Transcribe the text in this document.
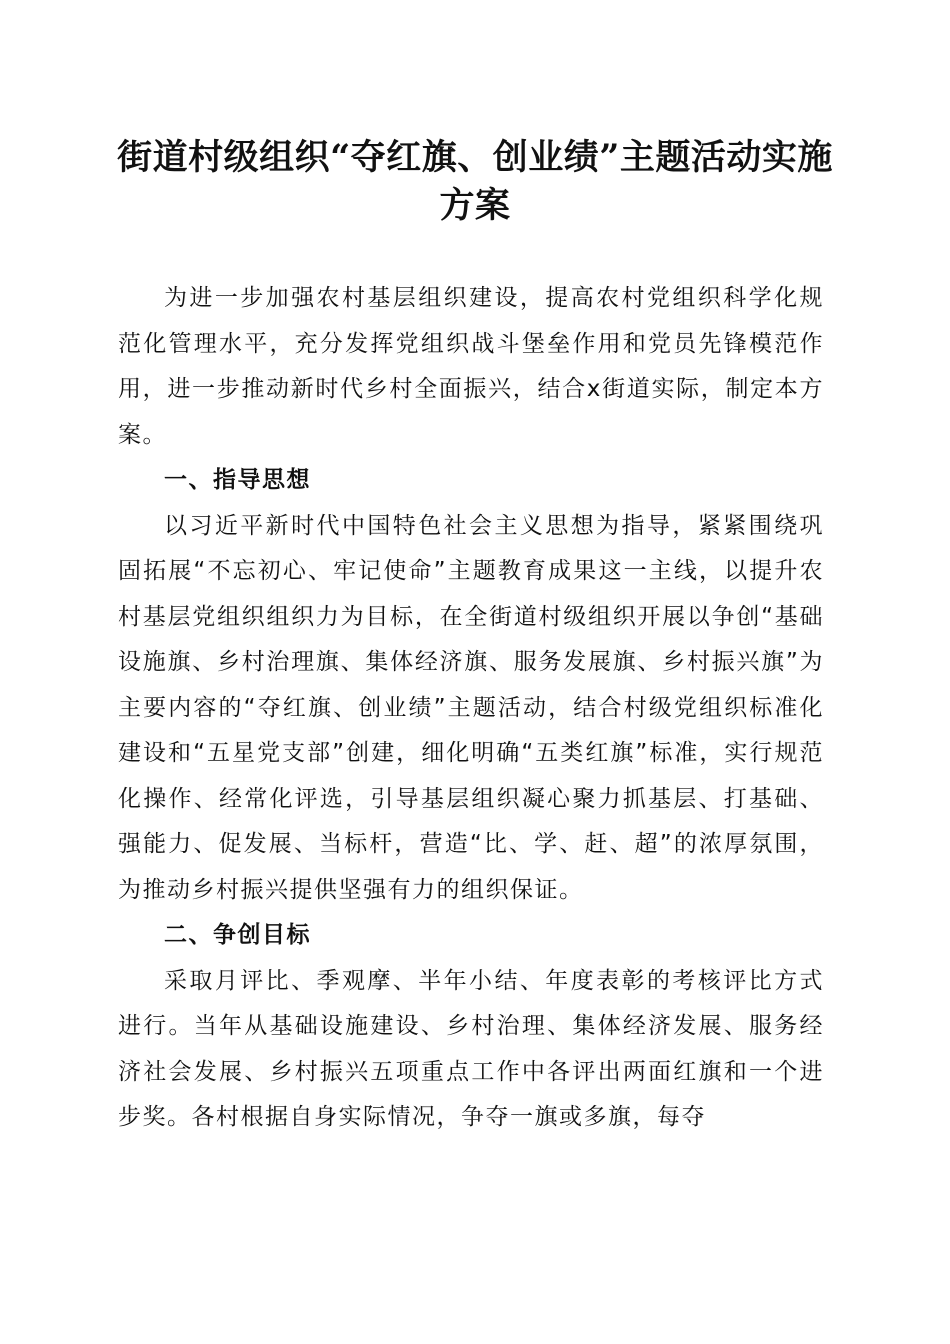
街道村级组织“夺红旗、创业绩”主题活动实施方案

为进一步加强农村基层组织建设，提高农村党组织科学化规范化管理水平，充分发挥党组织战斗堡垒作用和党员先锋模范作用，进一步推动新时代乡村全面振兴，结合x街道实际，制定本方案。

一、指导思想

以习近平新时代中国特色社会主义思想为指导，紧紧围绕巩固拓展“不忘初心、牢记使命”主题教育成果这一主线，以提升农村基层党组织组织力为目标，在全街道村级组织开展以争创“基础设施旗、乡村治理旗、集体经济旗、服务发展旗、乡村振兴旗”为主要内容的“夺红旗、创业绩”主题活动，结合村级党组织标准化建设和“五星党支部”创建，细化明确“五类红旗”标准，实行规范化操作、经常化评选，引导基层组织凝心聚力抓基层、打基础、强能力、促发展、当标杆，营造“比、学、赶、超”的浓厚氛围，为推动乡村振兴提供坚强有力的组织保证。

二、争创目标

采取月评比、季观摩、半年小结、年度表彰的考核评比方式进行。当年从基础设施建设、乡村治理、集体经济发展、服务经济社会发展、乡村振兴五项重点工作中各评出两面红旗和一个进步奖。各村根据自身实际情况，争夺一旗或多旗，每夺
